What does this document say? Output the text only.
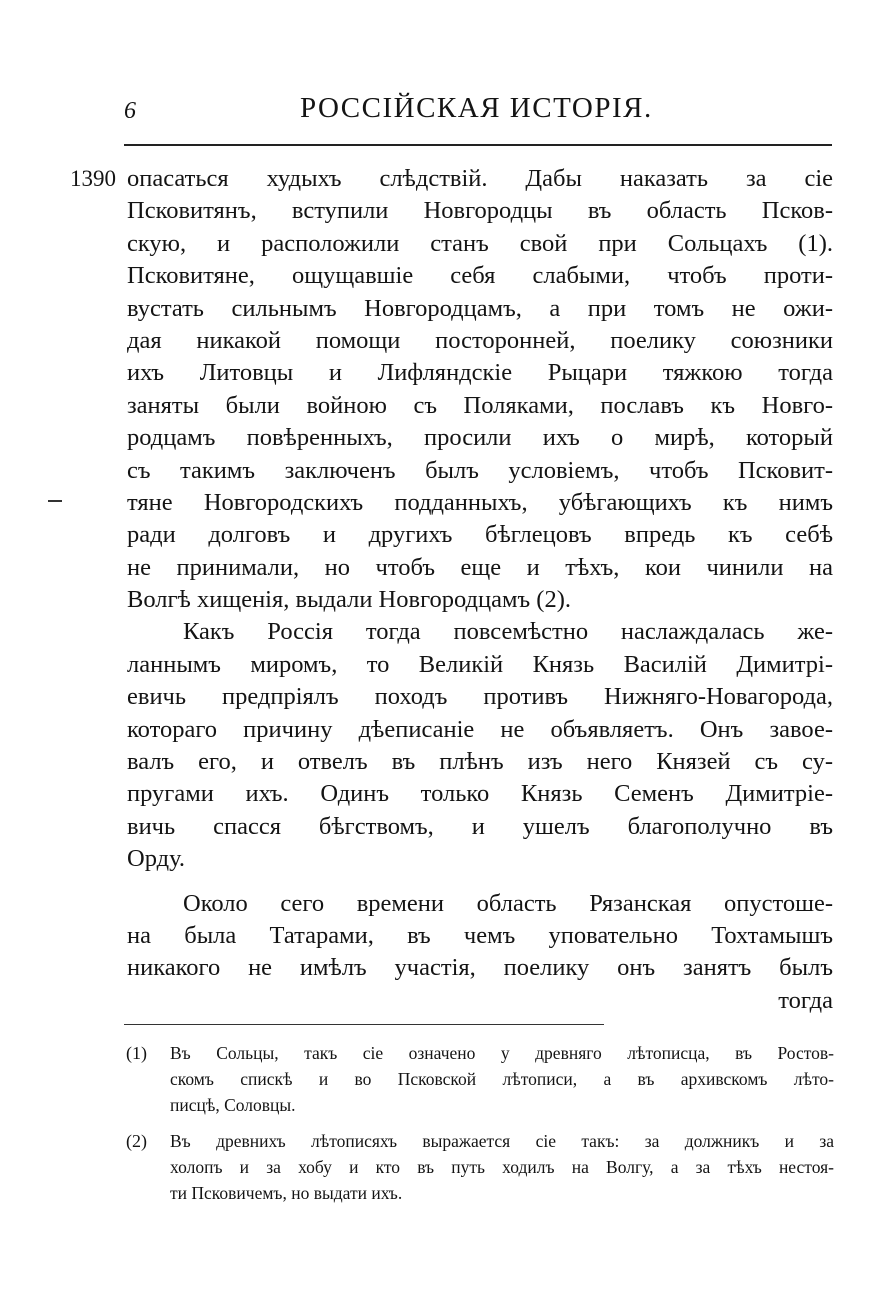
6	РОССІЙСКАЯ ИСТОРІЯ.
1390 опасаться худыхъ слѣдствій. Дабы наказать за сіе
Псковитянъ, вступили Новгородцы въ область Псков-
скую, и расположили станъ свой при Сольцахъ (1).
Псковитяне, ощущавшіе себя слабыми, чтобъ проти-
вустать сильнымъ Новгородцамъ, а при томъ не ожи-
дая никакой помощи посторонней, поелику союзники
ихъ Литовцы и Лифляндскіе Рыцари тяжкою тогда
заняты были войною съ Поляками, пославъ къ Новго-
родцамъ повѣренныхъ, просили ихъ о мирѣ, который
съ такимъ заключенъ былъ условіемъ, чтобъ Псковит-
тяне Новгородскихъ подданныхъ, убѣгающихъ къ нимъ
ради долговъ и другихъ бѣглецовъ впредь къ себѣ
не принимали, но чтобъ еще и тѣхъ, кои чинили на
Волгѣ хищенія, выдали Новгородцамъ (2).
Какъ Россія тогда повсемѣстно наслаждалась же-
ланнымъ миромъ, то Великій Князь Василій Димитрі-
евичь предпріялъ походъ противъ Нижняго-Новагорода,
котораго причину дѣеписаніе не объявляетъ. Онъ завое-
валъ его, и отвелъ въ плѣнъ изъ него Князей съ су-
пругами ихъ. Одинъ только Князь Семенъ Димитріе-
вичь спасся бѣгствомъ, и ушелъ благополучно въ
Орду.
Около сего времени область Рязанская опустоше-
на была Татарами, въ чемъ уповательно Тохтамышъ
никакого не имѣлъ участія, поелику онъ занятъ былъ
тогда
(1) Въ Сольцы, такъ сіе означено у древняго лѣтописца, въ Ростов-
скомъ спискѣ и во Псковской лѣтописи, а въ архивскомъ лѣто-
писцѣ, Соловцы.
(2) Въ древнихъ лѣтописяхъ выражается сіе такъ: за должникъ и за
холопъ и за хобу и кто въ путь ходилъ на Волгу, а за тѣхъ нестоя-
ти Псковичемъ, но выдати ихъ.
